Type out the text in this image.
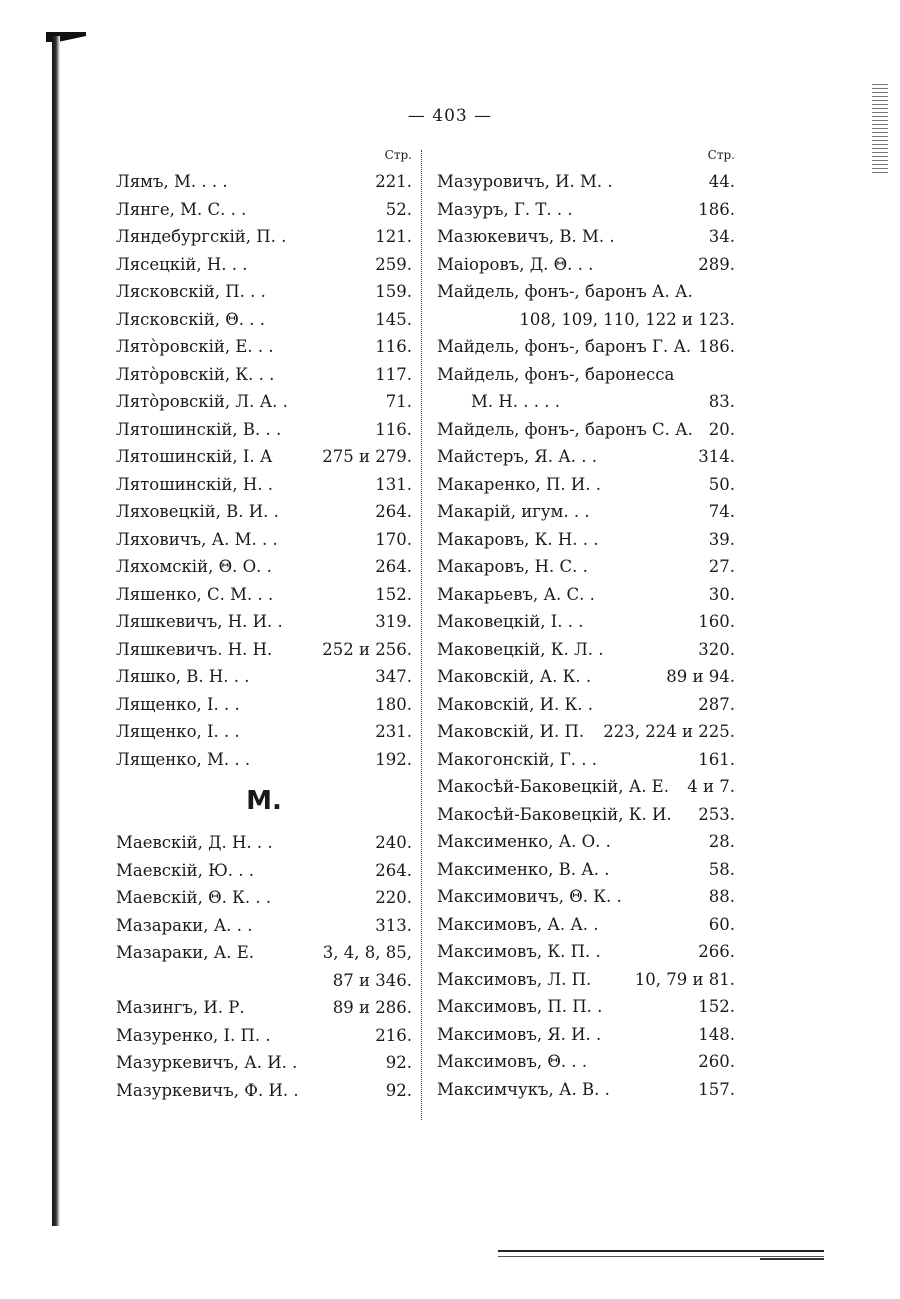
— 403 —
Стр.
Лямъ, М. . . .	221.
Лянге, М. С. . .	52.
Ляндебургскій, П. .	121.
Лясецкій, Н. . .	259.
Лясковскій, П. . .	159.
Лясковскій, Θ. . .	145.
Лято̀ровскій, Е. . .	116.
Лято̀ровскій, К. . .	117.
Лято̀ровскій, Л. А. .	71.
Лятошинскій, В. . .	116.
Лятошинскій, І. А	275 и 279.
Лятошинскій, Н. .	131.
Ляховецкій, В. И. .	264.
Ляховичъ, А. М. . .	170.
Ляхомскій, Θ. О. .	264.
Ляшенко, С. М. . .	152.
Ляшкевичъ, Н. И. .	319.
Ляшкевичъ. Н. Н.	252 и 256.
Ляшко, В. Н. . .	347.
Лященко, І. . .	180.
Лященко, І. . .	231.
Лященко, М. . .	192.
M.
Маевскій, Д. Н. . .	240.
Маевскій, Ю. . .	264.
Маевскій, Θ. К. . .	220.
Мазараки, А. . .	313.
Мазараки, А. Е.	3, 4, 8, 85,
87 и 346.
Мазингъ, И. Р.	89 и 286.
Мазуренко, І. П. .	216.
Мазуркевичъ, А. И. .	92.
Мазуркевичъ, Ф. И. .	92.
Стр.
Мазуровичъ, И. М. .	44.
Мазуръ, Г. Т. . .	186.
Мазюкевичъ, В. М. .	34.
Маіоровъ, Д. Θ. . .	289.
Майдель, фонъ-, баронъ А. А.
108, 109, 110, 122 и 123.
Майдель, фонъ-, баронъ Г. А. 186.
Майдель, фонъ-, баронесса
М. Н. . . . .	83.
Майдель, фонъ-, баронъ С. А. 20.
Майстеръ, Я. А. . .	314.
Макаренко, П. И. .	50.
Макарій, игум. . .	74.
Макаровъ, К. Н. . .	39.
Макаровъ, Н. С. .	27.
Макарьевъ, А. С. .	30.
Маковецкій, І. . .	160.
Маковецкій, К. Л. .	320.
Маковскій, А. К. .	89 и 94.
Маковскій, И. К. .	287.
Маковскій, И. П.	223, 224 и 225.
Макогонскій, Г. . .	161.
Макосѣй-Баковецкій, А. Е.	4 и 7.
Макосѣй-Баковецкій, К. И.	253.
Максименко, А. О. .	28.
Максименко, В. А. .	58.
Максимовичъ, Θ. К. .	88.
Максимовъ, А. А. .	60.
Максимовъ, К. П. .	266.
Максимовъ, Л. П.	10, 79 и 81.
Максимовъ, П. П. .	152.
Максимовъ, Я. И. .	148.
Максимовъ, Θ. . .	260.
Максимчукъ, А. В. .	157.
